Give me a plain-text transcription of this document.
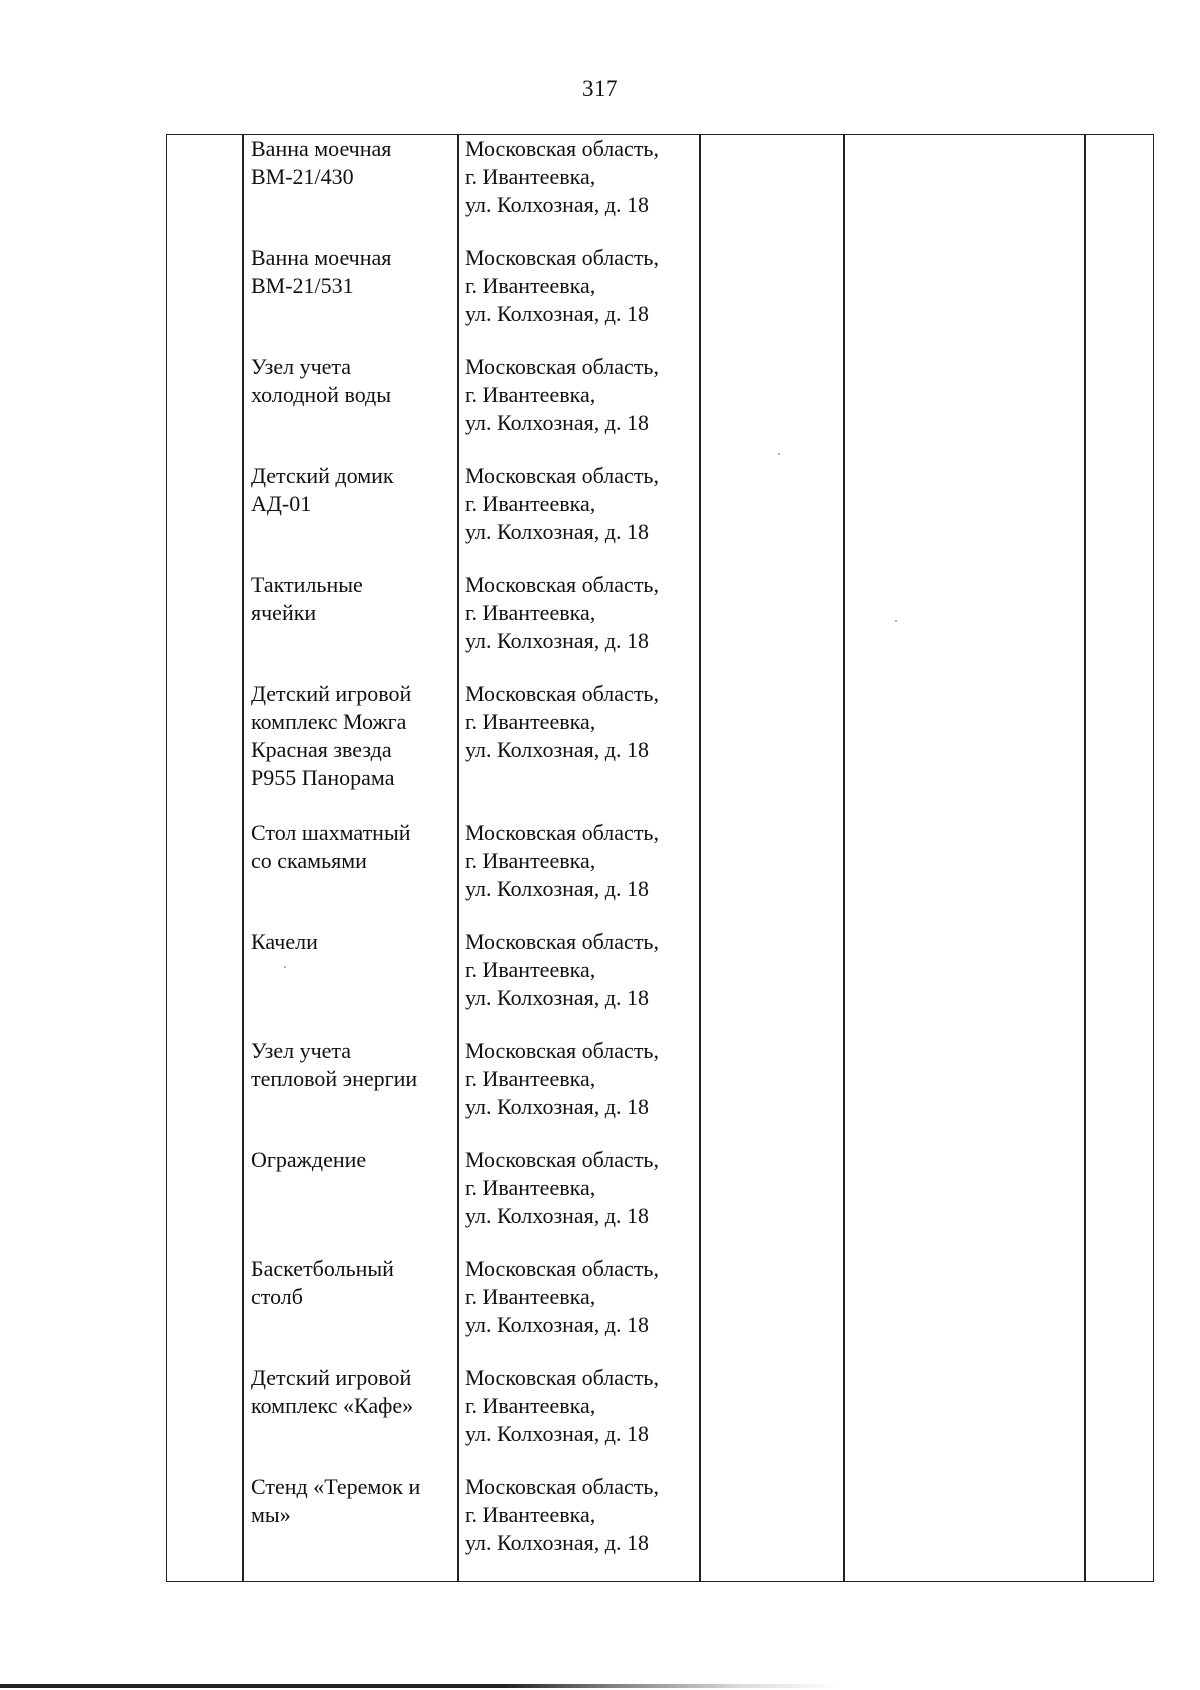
317
Ванна моечная
ВМ-21/430
Московская область,
г. Ивантеевка,
ул. Колхозная, д. 18
Ванна моечная
ВМ-21/531
Московская область,
г. Ивантеевка,
ул. Колхозная, д. 18
Узел учета
холодной воды
Московская область,
г. Ивантеевка,
ул. Колхозная, д. 18
Детский домик
АД-01
Московская область,
г. Ивантеевка,
ул. Колхозная, д. 18
Тактильные
ячейки
Московская область,
г. Ивантеевка,
ул. Колхозная, д. 18
Детский игровой
комплекс Можга
Красная звезда
Р955 Панорама
Московская область,
г. Ивантеевка,
ул. Колхозная, д. 18
Стол шахматный
со скамьями
Московская область,
г. Ивантеевка,
ул. Колхозная, д. 18
Качели	Московская область,
г. Ивантеевка,
ул. Колхозная, д. 18
Узел учета
тепловой энергии
Московская область,
г. Ивантеевка,
ул. Колхозная, д. 18
Ограждение	Московская область,
г. Ивантеевка,
ул. Колхозная, д. 18
Баскетбольный
столб
Московская область,
г. Ивантеевка,
ул. Колхозная, д. 18
Детский игровой
комплекс «Кафе»
Московская область,
г. Ивантеевка,
ул. Колхозная, д. 18
Стенд «Теремок и
мы»
Московская область,
г. Ивантеевка,
ул. Колхозная, д. 18
